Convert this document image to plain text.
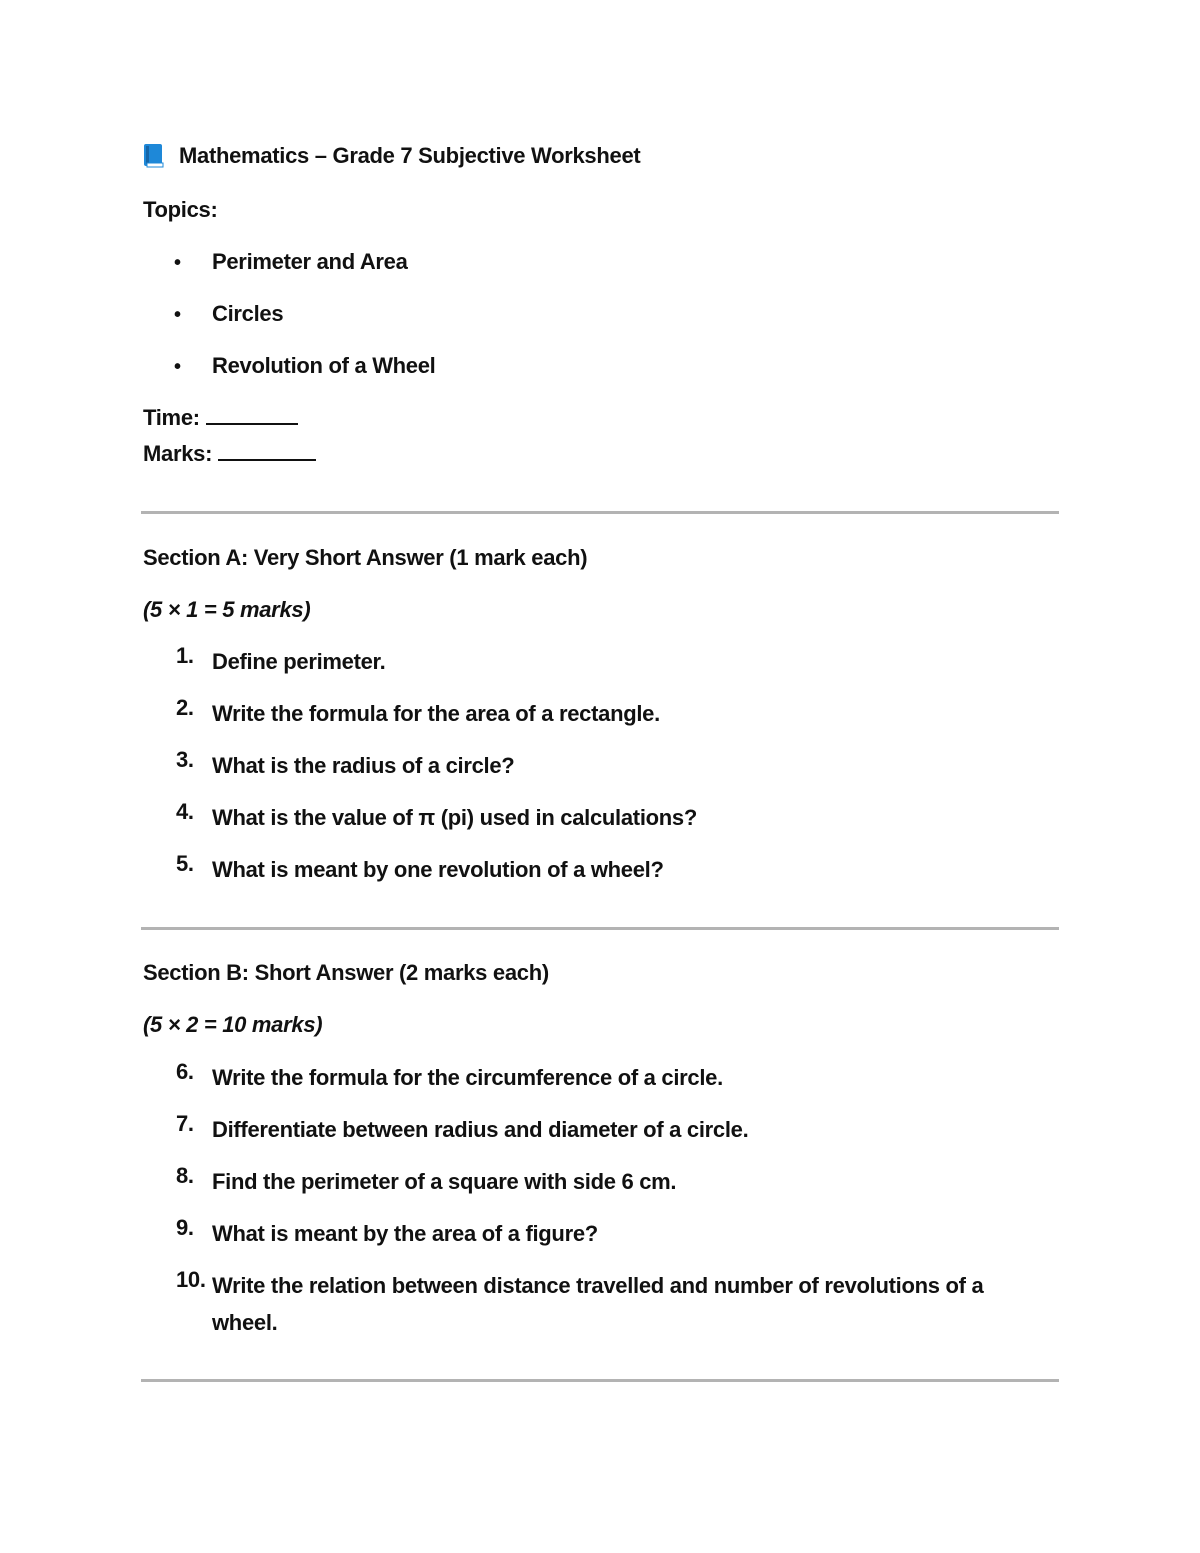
Mathematics – Grade 7 Subjective Worksheet
Topics:
• Perimeter and Area
• Circles
• Revolution of a Wheel
Time:
Marks:
Section A: Very Short Answer (1 mark each)
(5 × 1 = 5 marks)
1. Define perimeter.
2. Write the formula for the area of a rectangle.
3. What is the radius of a circle?
4. What is the value of π (pi) used in calculations?
5. What is meant by one revolution of a wheel?
Section B: Short Answer (2 marks each)
(5 × 2 = 10 marks)
6. Write the formula for the circumference of a circle.
7. Differentiate between radius and diameter of a circle.
8. Find the perimeter of a square with side 6 cm.
9. What is meant by the area of a figure?
10. Write the relation between distance travelled and number of revolutions of a wheel.
